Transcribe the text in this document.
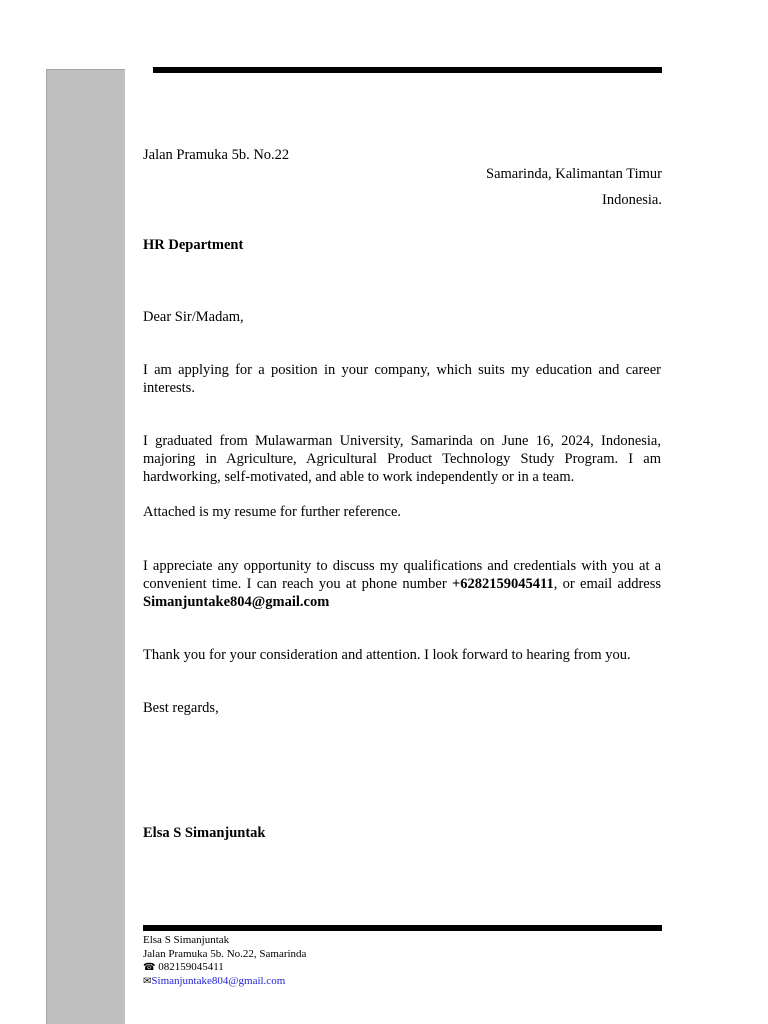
Jalan Pramuka 5b. No.22
Samarinda, Kalimantan Timur
Indonesia.
HR Department
Dear Sir/Madam,
I am applying for a position in your company, which suits my education and career interests.
I graduated from Mulawarman University, Samarinda on June 16, 2024, Indonesia, majoring in Agriculture, Agricultural Product Technology Study Program. I am hardworking, self-motivated, and able to work independently or in a team.
Attached is my resume for further reference.
I appreciate any opportunity to discuss my qualifications and credentials with you at a convenient time. I can reach you at phone number +6282159045411, or email address Simanjuntake804@gmail.com
Thank you for your consideration and attention. I look forward to hearing from you.
Best regards,
Elsa S Simanjuntak
Elsa S Simanjuntak
Jalan Pramuka 5b. No.22, Samarinda
☎ 082159045411
✉Simanjuntake804@gmail.com
